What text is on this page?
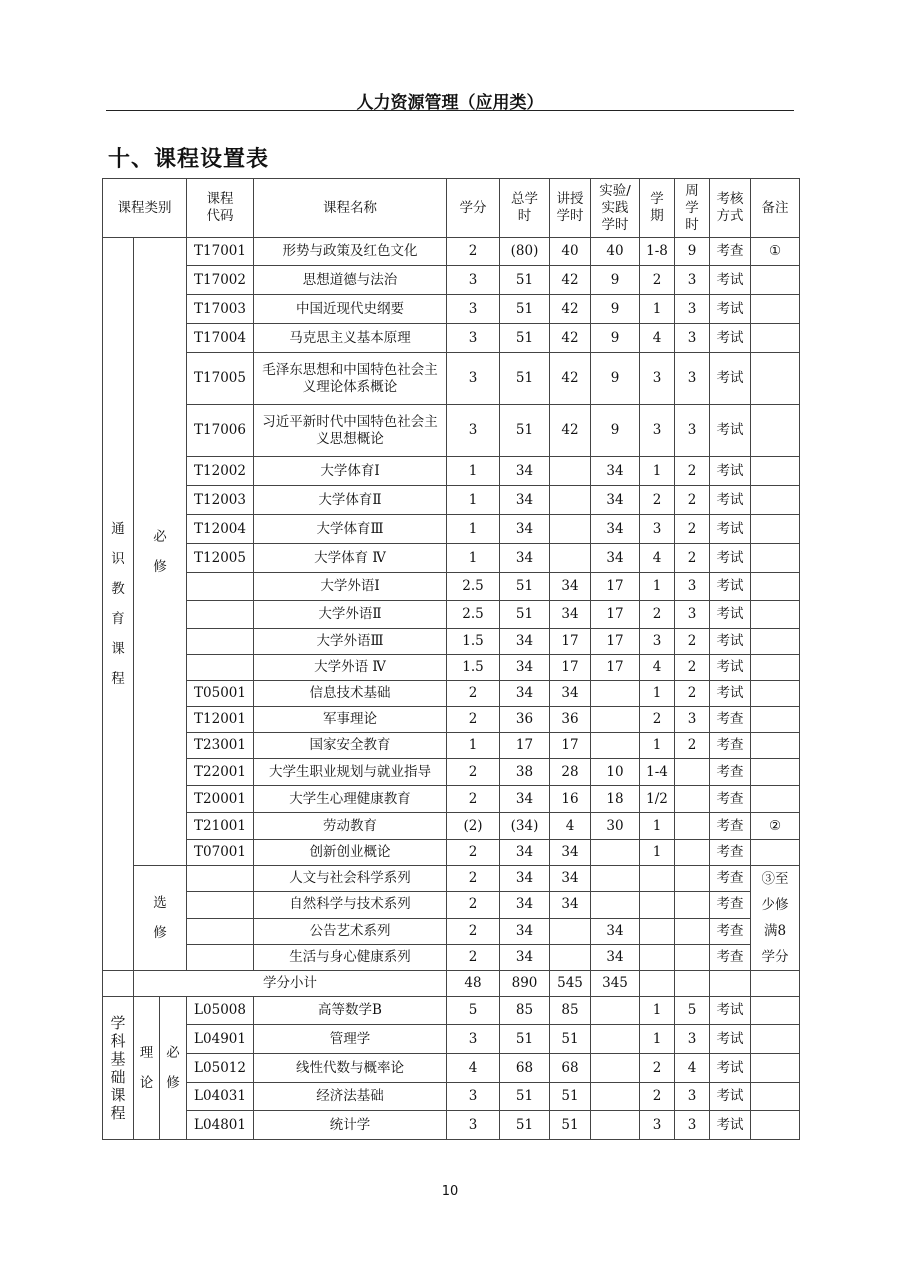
人力资源管理（应用类）
十、课程设置表
课程类别			课程代码	课程名称	学分	总学时	讲授学时	实验/实践学时	学期	周学时	考核方式	备注
通识教育课程	必修		T17001	形势与政策及红色文化	2	(80)	40	40	1-8	9	考查	①
			T17002	思想道德与法治	3	51	42	9	2	3	考试	
			T17003	中国近现代史纲要	3	51	42	9	1	3	考试	
			T17004	马克思主义基本原理	3	51	42	9	4	3	考试	
			T17005	毛泽东思想和中国特色社会主义理论体系概论	3	51	42	9	3	3	考试	
			T17006	习近平新时代中国特色社会主义思想概论	3	51	42	9	3	3	考试	
			T12002	大学体育Ⅰ	1	34		34	1	2	考试	
			T12003	大学体育Ⅱ	1	34		34	2	2	考试	
			T12004	大学体育Ⅲ	1	34		34	3	2	考试	
			T12005	大学体育 Ⅳ	1	34		34	4	2	考试	
				大学外语Ⅰ	2.5	51	34	17	1	3	考试	
				大学外语Ⅱ	2.5	51	34	17	2	3	考试	
				大学外语Ⅲ	1.5	34	17	17	3	2	考试	
				大学外语 Ⅳ	1.5	34	17	17	4	2	考试	
			T05001	信息技术基础	2	34	34		1	2	考试	
			T12001	军事理论	2	36	36		2	3	考查	
			T23001	国家安全教育	1	17	17		1	2	考查	
			T22001	大学生职业规划与就业指导	2	38	28	10	1-4		考查	
			T20001	大学生心理健康教育	2	34	16	18	1/2		考查	
			T21001	劳动教育	(2)	(34)	4	30	1		考查	②
			T07001	创新创业概论	2	34	34		1		考查	
	选修			人文与社会科学系列	2	34	34				考查	③至少修满8学分
				自然科学与技术系列	2	34	34				考查	
				公告艺术系列	2	34		34			考查	
				生活与身心健康系列	2	34		34			考查	
	学分小计				48	890	545	345				
学科基础课程	理论	必修	L05008	高等数学B	5	85	85		1	5	考试	
			L04901	管理学	3	51	51		1	3	考试	
			L05012	线性代数与概率论	4	68	68		2	4	考试	
			L04031	经济法基础	3	51	51		2	3	考试	
			L04801	统计学	3	51	51		3	3	考试	
10
